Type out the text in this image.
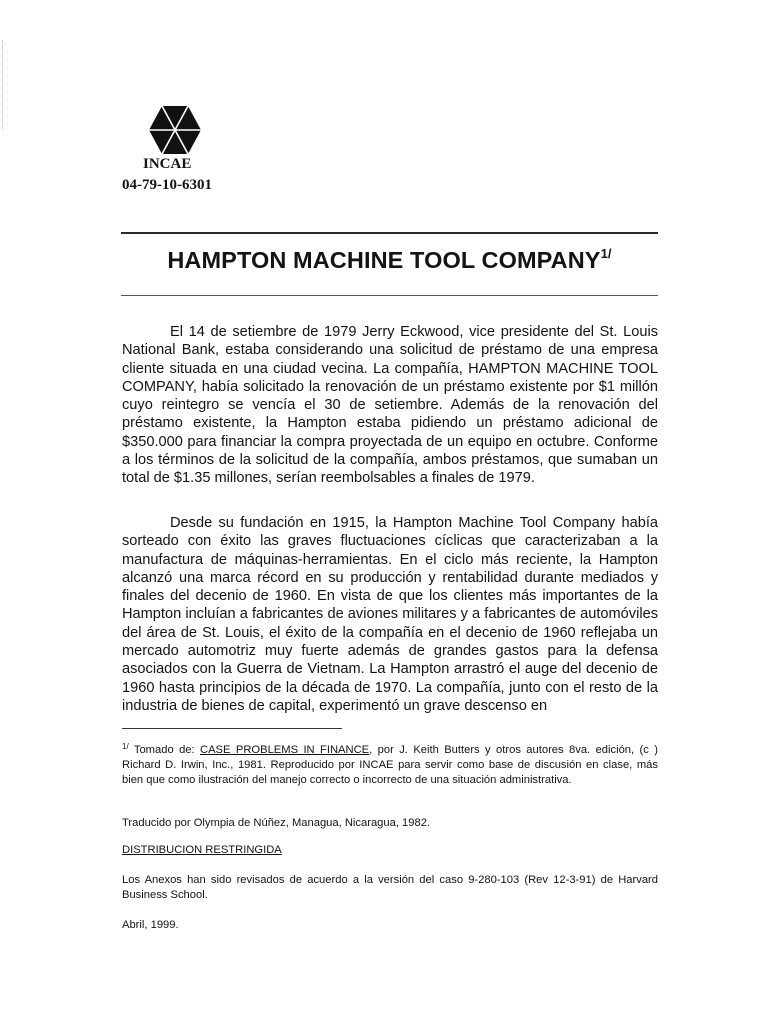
INCAE
04-79-10-6301
HAMPTON MACHINE TOOL $COMPANY^{1/}$

El 14 de setiembre de 1979 Jerry Eckwood, vice presidente del St. Louis National Bank, estaba considerando una solicitud de préstamo de una empresa cliente situada en una ciudad vecina. La compañía, HAMPTON MACHINE TOOL COMPANY, había solicitado la renovación de un préstamo existente por $1 millón cuyo reintegro se vencía el 30 de setiembre. Además de la renovación del préstamo existente, la Hampton estaba pidiendo un préstamo adicional de $350.000 para financiar la compra proyectada de un equipo en octubre. Conforme a los términos de la solicitud de la compañía, ambos préstamos, que sumaban un total de $1.35 millones, serían reembolsables a finales de 1979.

Desde su fundación en 1915, la Hampton Machine Tool Company había sorteado con éxito las graves fluctuaciones cíclicas que caracterizaban a la manufactura de máquinas-herramientas. En el ciclo más reciente, la Hampton alcanzó una marca récord en su producción y rentabilidad durante mediados y finales del decenio de 1960. En vista de que los clientes más importantes de la Hampton incluían a fabricantes de aviones militares y a fabricantes de automóviles del área de St. Louis, el éxito de la compañía en el decenio de 1960 reflejaba un mercado automotriz muy fuerte además de grandes gastos para la defensa asociados con la Guerra de Vietnam. La Hampton arrastró el auge del decenio de 1960 hasta principios de la década de 1970. La compañía, junto con el resto de la industria de bienes de capital, experimentó un grave descenso en

$^{1/}$ Tomado de: CASE PROBLEMS IN FINANCE, por J. Keith Butters y otros autores 8va. edición, (c ) Richard D. Irwin, Inc., 1981. Reproducido por INCAE para servir como base de discusión en clase, más bien que como ilustración del manejo correcto o incorrecto de una situación administrativa.

Traducido por Olympia de Núñez, Managua, Nicaragua, 1982.

DISTRIBUCION RESTRINGIDA

Los Anexos han sido revisados de acuerdo a la versión del caso 9-280-103 (Rev 12-3-91) de Harvard Business School.

Abril, 1999.
